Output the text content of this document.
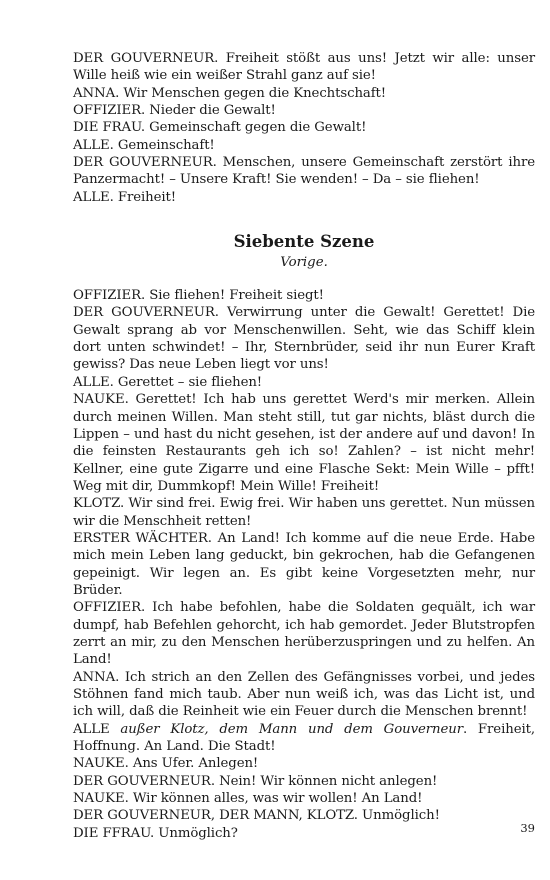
DER GOUVERNEUR. Freiheit stößt aus uns! Jetzt wir alle: unser Wille heiß wie ein weißer Strahl ganz auf sie!

ANNA. Wir Menschen gegen die Knechtschaft!

OFFIZIER. Nieder die Gewalt!

DIE FRAU. Gemeinschaft gegen die Gewalt!

ALLE. Gemeinschaft!

DER GOUVERNEUR. Menschen, unsere Gemeinschaft zerstört ihre Panzermacht! – Unsere Kraft! Sie wenden! – Da – sie fliehen!

ALLE. Freiheit!

Siebente Szene
Vorige.

OFFIZIER. Sie fliehen! Freiheit siegt!

DER GOUVERNEUR. Verwirrung unter die Gewalt! Gerettet! Die Gewalt sprang ab vor Menschenwillen. Seht, wie das Schiff klein dort unten schwindet! – Ihr, Sternbrüder, seid ihr nun Eurer Kraft gewiss? Das neue Leben liegt vor uns!

ALLE. Gerettet – sie fliehen!

NAUKE. Gerettet! Ich hab uns gerettet Werd's mir merken. Allein durch meinen Willen. Man steht still, tut gar nichts, bläst durch die Lippen – und hast du nicht gesehen, ist der andere auf und davon! In die feinsten Restaurants geh ich so! Zahlen? – ist nicht mehr! Kellner, eine gute Zigarre und eine Flasche Sekt: Mein Wille – pfft! Weg mit dir, Dummkopf! Mein Wille! Freiheit!

KLOTZ. Wir sind frei. Ewig frei. Wir haben uns gerettet. Nun müssen wir die Menschheit retten!

ERSTER WÄCHTER. An Land! Ich komme auf die neue Erde. Habe mich mein Leben lang geduckt, bin gekrochen, hab die Gefangenen gepeinigt. Wir legen an. Es gibt keine Vorgesetzten mehr, nur Brüder.

OFFIZIER. Ich habe befohlen, habe die Soldaten gequält, ich war dumpf, hab Befehlen gehorcht, ich hab gemordet. Jeder Blutstropfen zerrt an mir, zu den Menschen herüberzuspringen und zu helfen. An Land!

ANNA. Ich strich an den Zellen des Gefängnisses vorbei, und jedes Stöhnen fand mich taub. Aber nun weiß ich, was das Licht ist, und ich will, daß die Reinheit wie ein Feuer durch die Menschen brennt!

ALLE außer Klotz, dem Mann und dem Gouverneur. Freiheit, Hoffnung. An Land. Die Stadt!

NAUKE. Ans Ufer. Anlegen!

DER GOUVERNEUR. Nein! Wir können nicht anlegen!

NAUKE. Wir können alles, was wir wollen! An Land!

DER GOUVERNEUR, DER MANN, KLOTZ. Unmöglich!

DIE FFRAU. Unmöglich?	39
